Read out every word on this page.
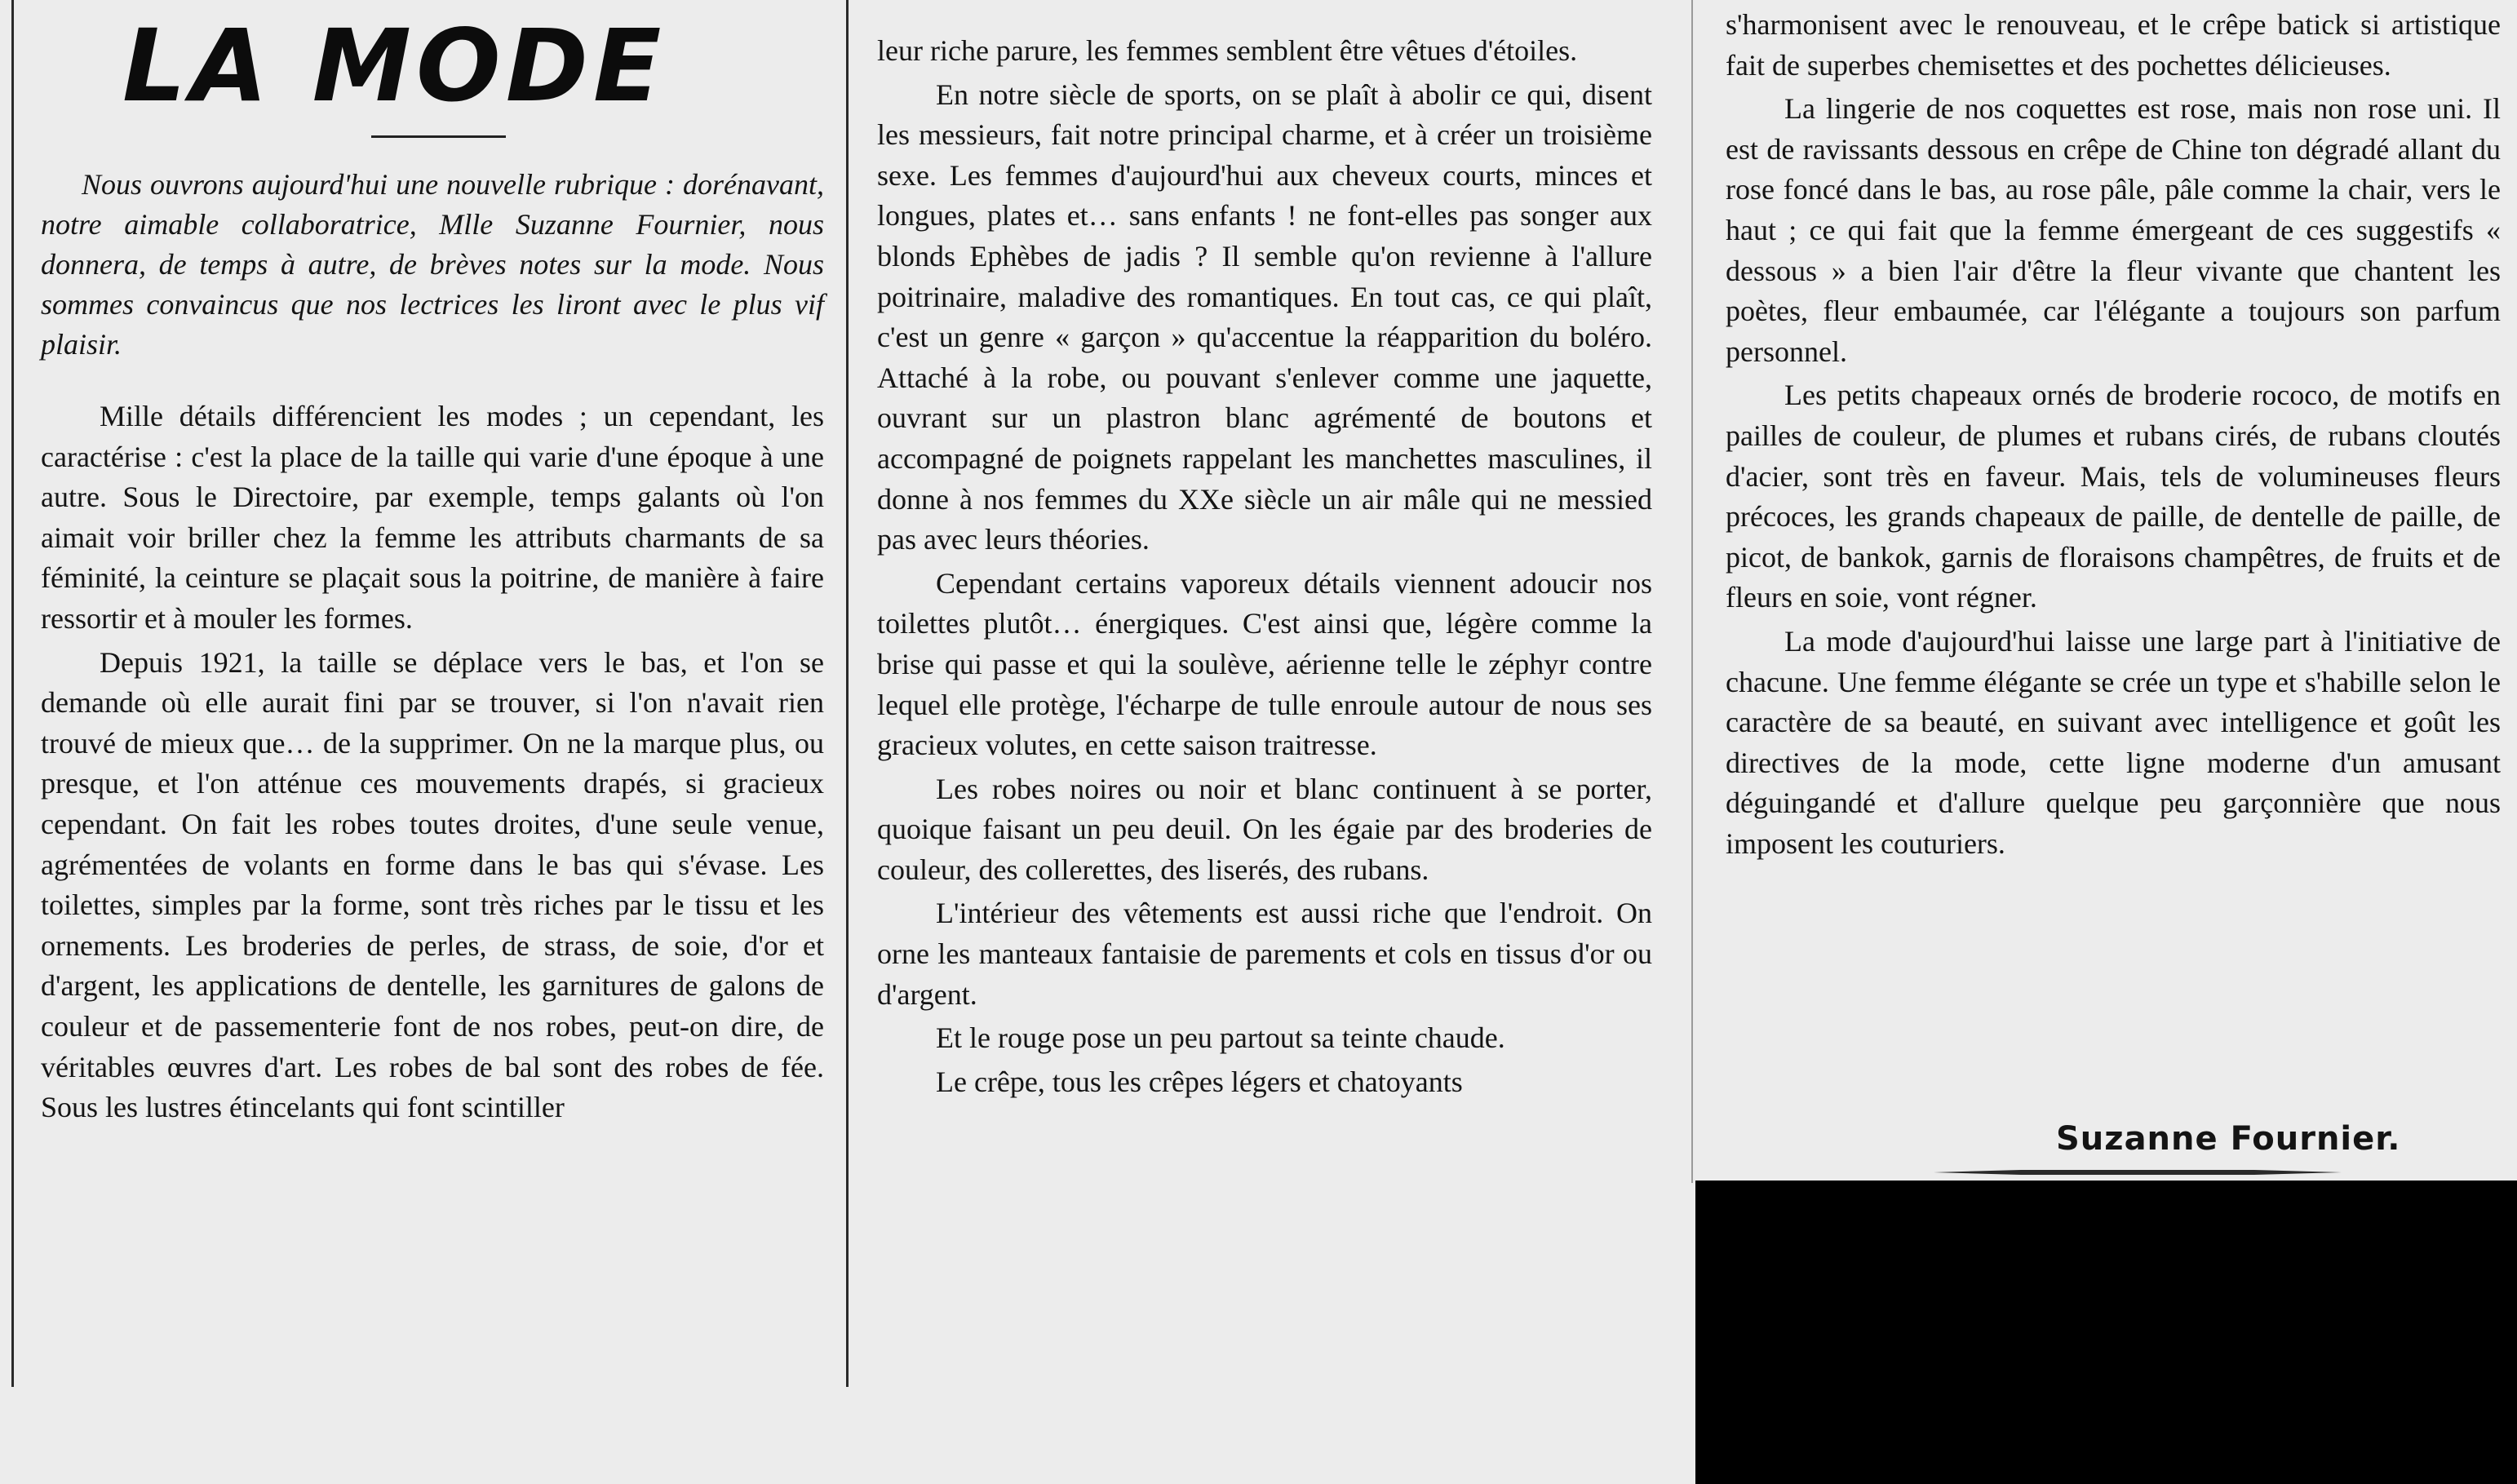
LA MODE

Nous ouvrons aujourd'hui une nouvelle rubrique : dorénavant, notre aimable collaboratrice, Mlle Suzanne Fournier, nous donnera, de temps à autre, de brèves notes sur la mode. Nous sommes convaincus que nos lectrices les liront avec le plus vif plaisir.

Mille détails différencient les modes ; un cependant, les caractérise : c'est la place de la taille qui varie d'une époque à une autre. Sous le Directoire, par exemple, temps galants où l'on aimait voir briller chez la femme les attributs charmants de sa féminité, la ceinture se plaçait sous la poitrine, de manière à faire ressortir et à mouler les formes.

Depuis 1921, la taille se déplace vers le bas, et l'on se demande où elle aurait fini par se trouver, si l'on n'avait rien trouvé de mieux que… de la supprimer. On ne la marque plus, ou presque, et l'on atténue ces mouvements drapés, si gracieux cependant. On fait les robes toutes droites, d'une seule venue, agrémentées de volants en forme dans le bas qui s'évase. Les toilettes, simples par la forme, sont très riches par le tissu et les ornements. Les broderies de perles, de strass, de soie, d'or et d'argent, les applications de dentelle, les garnitures de galons de couleur et de passementerie font de nos robes, peut-on dire, de véritables œuvres d'art. Les robes de bal sont des robes de fée. Sous les lustres étincelants qui font scintiller

leur riche parure, les femmes semblent être vêtues d'étoiles.

En notre siècle de sports, on se plaît à abolir ce qui, disent les messieurs, fait notre principal charme, et à créer un troisième sexe. Les femmes d'aujourd'hui aux cheveux courts, minces et longues, plates et… sans enfants ! ne font-elles pas songer aux blonds Ephèbes de jadis ? Il semble qu'on revienne à l'allure poitrinaire, maladive des romantiques. En tout cas, ce qui plaît, c'est un genre « garçon » qu'accentue la réapparition du boléro. Attaché à la robe, ou pouvant s'enlever comme une jaquette, ouvrant sur un plastron blanc agrémenté de boutons et accompagné de poignets rappelant les manchettes masculines, il donne à nos femmes du XXe siècle un air mâle qui ne messied pas avec leurs théories.

Cependant certains vaporeux détails viennent adoucir nos toilettes plutôt… énergiques. C'est ainsi que, légère comme la brise qui passe et qui la soulève, aérienne telle le zéphyr contre lequel elle protège, l'écharpe de tulle enroule autour de nous ses gracieux volutes, en cette saison traitresse.

Les robes noires ou noir et blanc continuent à se porter, quoique faisant un peu deuil. On les égaie par des broderies de couleur, des collerettes, des liserés, des rubans.

L'intérieur des vêtements est aussi riche que l'endroit. On orne les manteaux fantaisie de parements et cols en tissus d'or ou d'argent.

Et le rouge pose un peu partout sa teinte chaude.

Le crêpe, tous les crêpes légers et chatoyants

s'harmonisent avec le renouveau, et le crêpe batick si artistique fait de superbes chemisettes et des pochettes délicieuses.

La lingerie de nos coquettes est rose, mais non rose uni. Il est de ravissants dessous en crêpe de Chine ton dégradé allant du rose foncé dans le bas, au rose pâle, pâle comme la chair, vers le haut ; ce qui fait que la femme émergeant de ces suggestifs « dessous » a bien l'air d'être la fleur vivante que chantent les poètes, fleur embaumée, car l'élégante a toujours son parfum personnel.

Les petits chapeaux ornés de broderie rococo, de motifs en pailles de couleur, de plumes et rubans cirés, de rubans cloutés d'acier, sont très en faveur. Mais, tels de volumineuses fleurs précoces, les grands chapeaux de paille, de dentelle de paille, de picot, de bankok, garnis de floraisons champêtres, de fruits et de fleurs en soie, vont régner.

La mode d'aujourd'hui laisse une large part à l'initiative de chacune. Une femme élégante se crée un type et s'habille selon le caractère de sa beauté, en suivant avec intelligence et goût les directives de la mode, cette ligne moderne d'un amusant déguingandé et d'allure quelque peu garçonnière que nous imposent les couturiers.

Suzanne Fournier.
